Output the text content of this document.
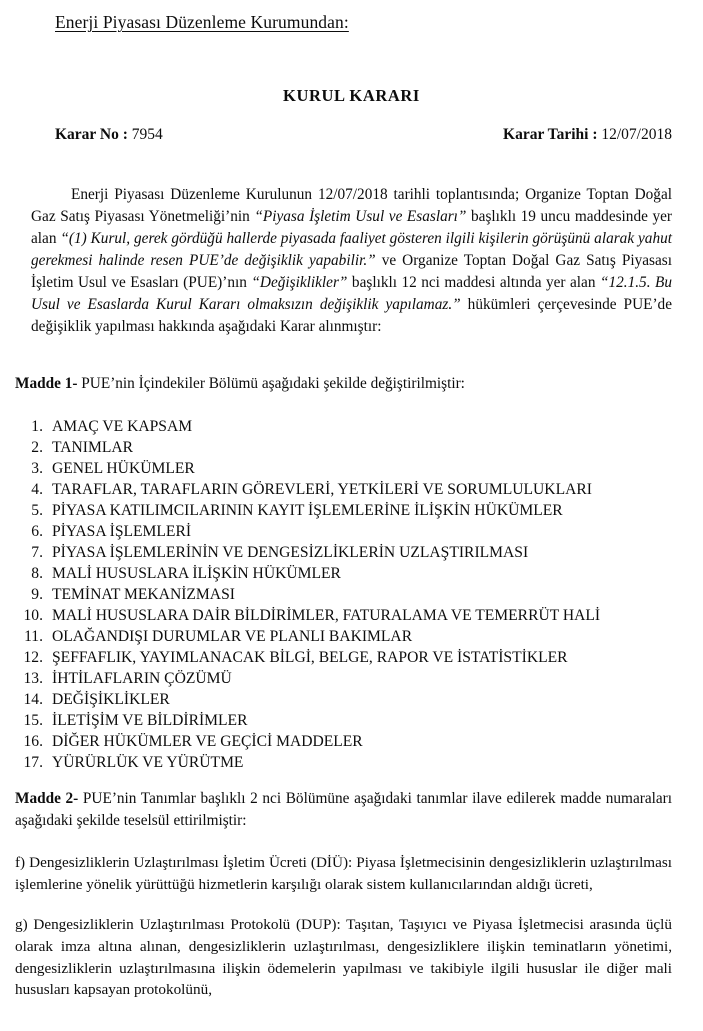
Enerji Piyasası Düzenleme Kurumundan:
KURUL KARARI
Karar No : 7954	Karar Tarihi : 12/07/2018

Enerji Piyasası Düzenleme Kurulunun 12/07/2018 tarihli toplantısında; Organize Toptan Doğal Gaz Satış Piyasası Yönetmeliği’nin “Piyasa İşletim Usul ve Esasları” başlıklı 19 uncu maddesinde yer alan “(1) Kurul, gerek gördüğü hallerde piyasada faaliyet gösteren ilgili kişilerin görüşünü alarak yahut gerekmesi halinde resen PUE’de değişiklik yapabilir.” ve Organize Toptan Doğal Gaz Satış Piyasası İşletim Usul ve Esasları (PUE)’nın “Değişiklikler” başlıklı 12 nci maddesi altında yer alan “12.1.5. Bu Usul ve Esaslarda Kurul Kararı olmaksızın değişiklik yapılamaz.” hükümleri çerçevesinde PUE’de değişiklik yapılması hakkında aşağıdaki Karar alınmıştır:

Madde 1- PUE’nin İçindekiler Bölümü aşağıdaki şekilde değiştirilmiştir:

1. AMAÇ VE KAPSAM
2. TANIMLAR
3. GENEL HÜKÜMLER
4. TARAFLAR, TARAFLARIN GÖREVLERİ, YETKİLERİ VE SORUMLULUKLARI
5. PİYASA KATILIMCILARININ KAYIT İŞLEMLERİNE İLİŞKİN HÜKÜMLER
6. PİYASA İŞLEMLERİ
7. PİYASA İŞLEMLERİNİN VE DENGESİZLİKLERİN UZLAŞTIRILMASI
8. MALİ HUSUSLARA İLİŞKİN HÜKÜMLER
9. TEMİNAT MEKANİZMASI
10. MALİ HUSUSLARA DAİR BİLDİRİMLER, FATURALAMA VE TEMERRÜT HALİ
11. OLAĞANDIŞI DURUMLAR VE PLANLI BAKIMLAR
12. ŞEFFAFLIK, YAYIMLANACAK BİLGİ, BELGE, RAPOR VE İSTATİSTİKLER
13. İHTİLAFLARIN ÇÖZÜMÜ
14. DEĞİŞİKLİKLER
15. İLETİŞİM VE BİLDİRİMLER
16. DİĞER HÜKÜMLER VE GEÇİCİ MADDELER
17. YÜRÜRLÜK VE YÜRÜTME

Madde 2- PUE’nin Tanımlar başlıklı 2 nci Bölümüne aşağıdaki tanımlar ilave edilerek madde numaraları aşağıdaki şekilde teselsül ettirilmiştir:

f) Dengesizliklerin Uzlaştırılması İşletim Ücreti (DİÜ): Piyasa İşletmecisinin dengesizliklerin uzlaştırılması işlemlerine yönelik yürüttüğü hizmetlerin karşılığı olarak sistem kullanıcılarından aldığı ücreti,

g) Dengesizliklerin Uzlaştırılması Protokolü (DUP): Taşıtan, Taşıyıcı ve Piyasa İşletmecisi arasında üçlü olarak imza altına alınan, dengesizliklerin uzlaştırılması, dengesizliklere ilişkin teminatların yönetimi, dengesizliklerin uzlaştırılmasına ilişkin ödemelerin yapılması ve takibiyle ilgili hususlar ile diğer mali hususları kapsayan protokolünü,
